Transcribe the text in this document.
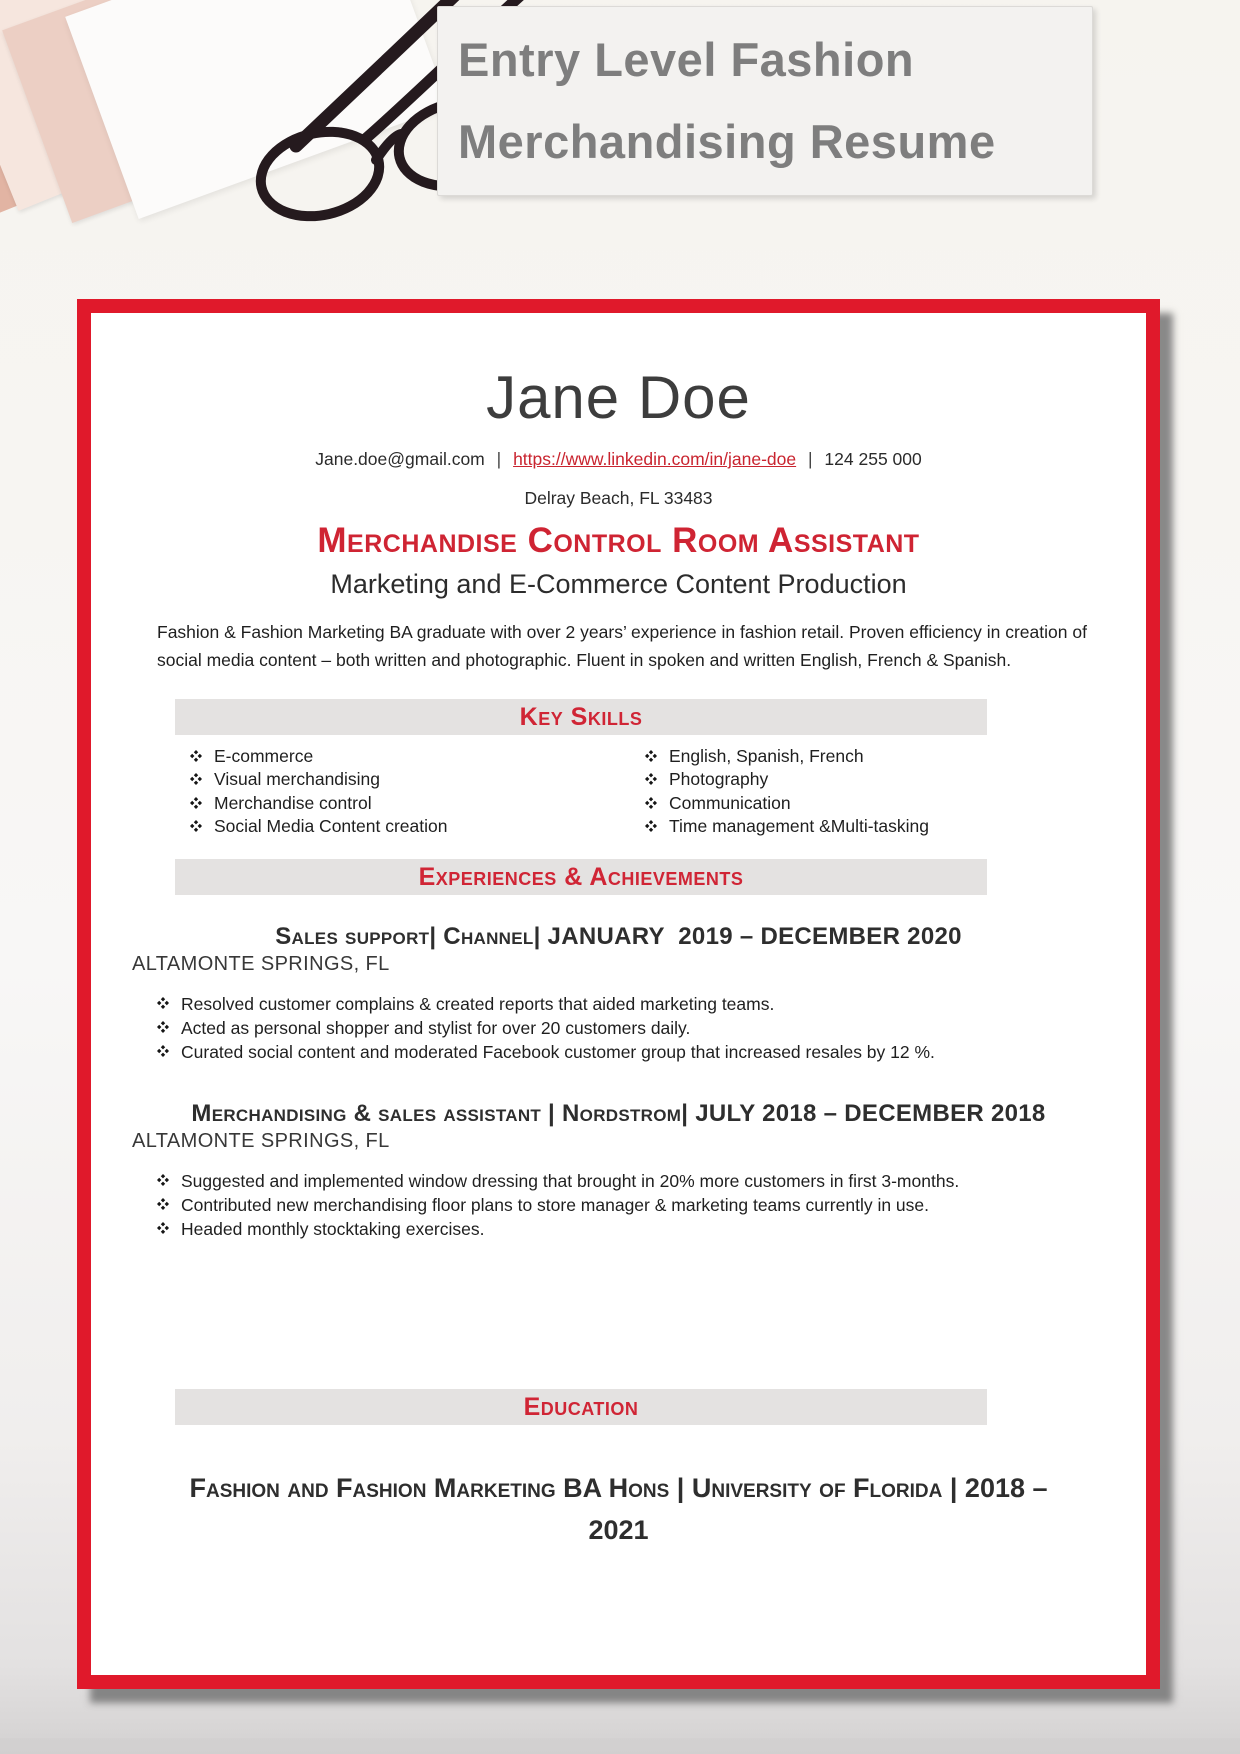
Entry Level Fashion
Merchandising Resume
Jane Doe
Jane.doe@gmail.com | https://www.linkedin.com/in/jane-doe | 124 255 000
Delray Beach, FL 33483
Merchandise Control Room Assistant
Marketing and E-Commerce Content Production

Fashion & Fashion Marketing BA graduate with over 2 years’ experience in fashion retail. Proven efficiency in creation of social media content – both written and photographic. Fluent in spoken and written English, French & Spanish.

Key Skills
E-commerce
Visual merchandising
Merchandise control
Social Media Content creation
English, Spanish, French
Photography
Communication
Time management &Multi-tasking
Experiences & Achievements
Sales support| Channel| JANUARY  2019 – DECEMBER 2020
ALTAMONTE SPRINGS, FL
Resolved customer complains & created reports that aided marketing teams.
Acted as personal shopper and stylist for over 20 customers daily.
Curated social content and moderated Facebook customer group that increased resales by 12 %.
Merchandising & sales assistant | Nordstrom| JULY 2018 – DECEMBER 2018
ALTAMONTE SPRINGS, FL
Suggested and implemented window dressing that brought in 20% more customers in first 3-months.
Contributed new merchandising floor plans to store manager & marketing teams currently in use.
Headed monthly stocktaking exercises.
Education
Fashion and Fashion Marketing BA Hons | University of Florida | 2018 – 2021
